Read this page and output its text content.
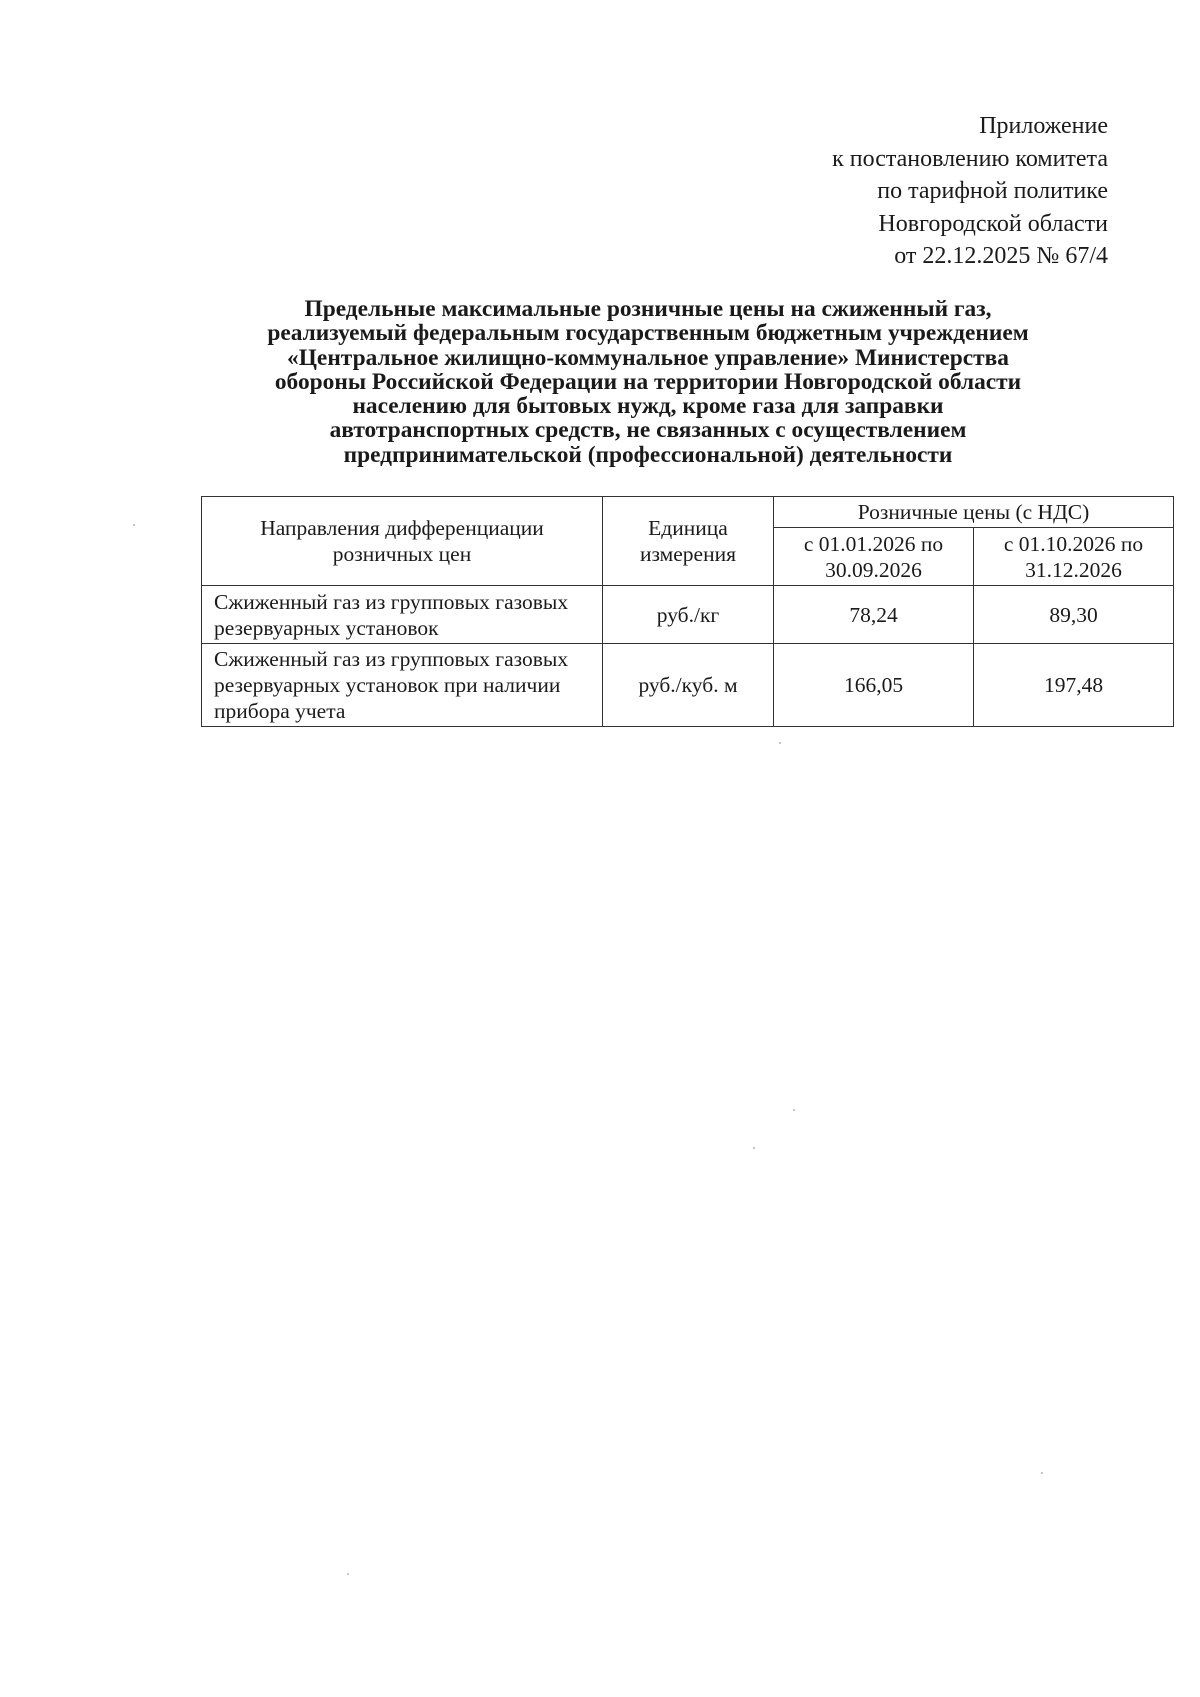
Приложение
к постановлению комитета
по тарифной политике
Новгородской области
от 22.12.2025 № 67/4
Предельные максимальные розничные цены на сжиженный газ,
реализуемый федеральным государственным бюджетным учреждением
«Центральное жилищно-коммунальное управление» Министерства
обороны Российской Федерации на территории Новгородской области
населению для бытовых нужд, кроме газа для заправки
автотранспортных средств, не связанных с осуществлением
предпринимательской (профессиональной) деятельности
Направления дифференциации розничных цен	Единица измерения	Розничные цены (с НДС)	
		с 01.01.2026 по 30.09.2026	с 01.10.2026 по 31.12.2026
Сжиженный газ из групповых газовых резервуарных установок	руб./кг	78,24	89,30
Сжиженный газ из групповых газовых резервуарных установок при наличии прибора учета	руб./куб. м	166,05	197,48
